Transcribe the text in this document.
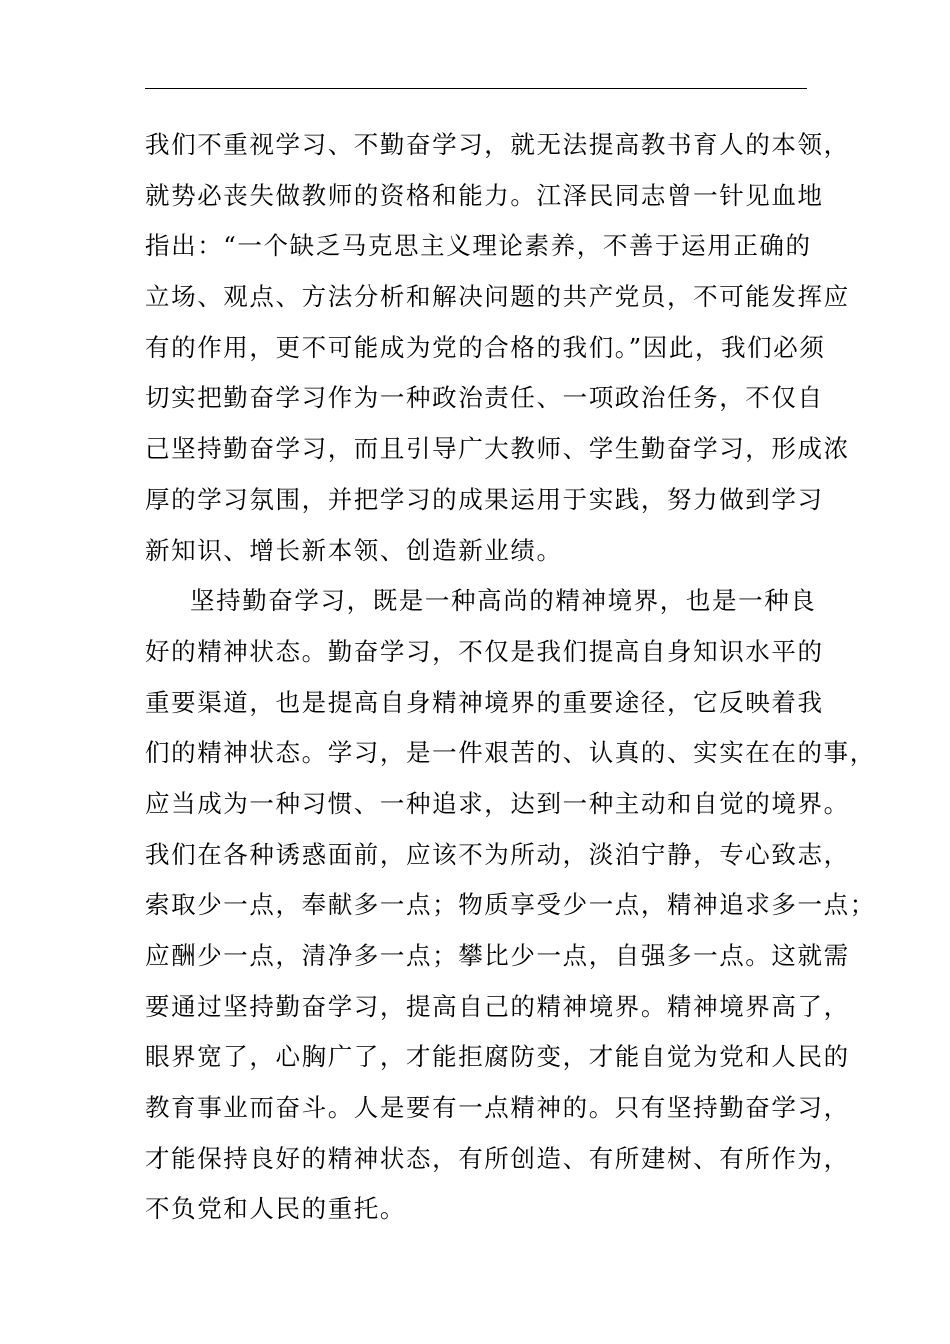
我们不重视学习、不勤奋学习，就无法提高教书育人的本领，
就势必丧失做教师的资格和能力。江泽民同志曾一针见血地
指出：“一个缺乏马克思主义理论素养，不善于运用正确的
立场、观点、方法分析和解决问题的共产党员，不可能发挥应
有的作用，更不可能成为党的合格的我们。”因此，我们必须
切实把勤奋学习作为一种政治责任、一项政治任务，不仅自
己坚持勤奋学习，而且引导广大教师、学生勤奋学习，形成浓
厚的学习氛围，并把学习的成果运用于实践，努力做到学习
新知识、增长新本领、创造新业绩。
坚持勤奋学习，既是一种高尚的精神境界，也是一种良
好的精神状态。勤奋学习，不仅是我们提高自身知识水平的
重要渠道，也是提高自身精神境界的重要途径，它反映着我
们的精神状态。学习，是一件艰苦的、认真的、实实在在的事，
应当成为一种习惯、一种追求，达到一种主动和自觉的境界。
我们在各种诱惑面前，应该不为所动，淡泊宁静，专心致志，
索取少一点，奉献多一点；物质享受少一点，精神追求多一点；
应酬少一点，清净多一点；攀比少一点，自强多一点。这就需
要通过坚持勤奋学习，提高自己的精神境界。精神境界高了，
眼界宽了，心胸广了，才能拒腐防变，才能自觉为党和人民的
教育事业而奋斗。人是要有一点精神的。只有坚持勤奋学习，
才能保持良好的精神状态，有所创造、有所建树、有所作为，
不负党和人民的重托。
